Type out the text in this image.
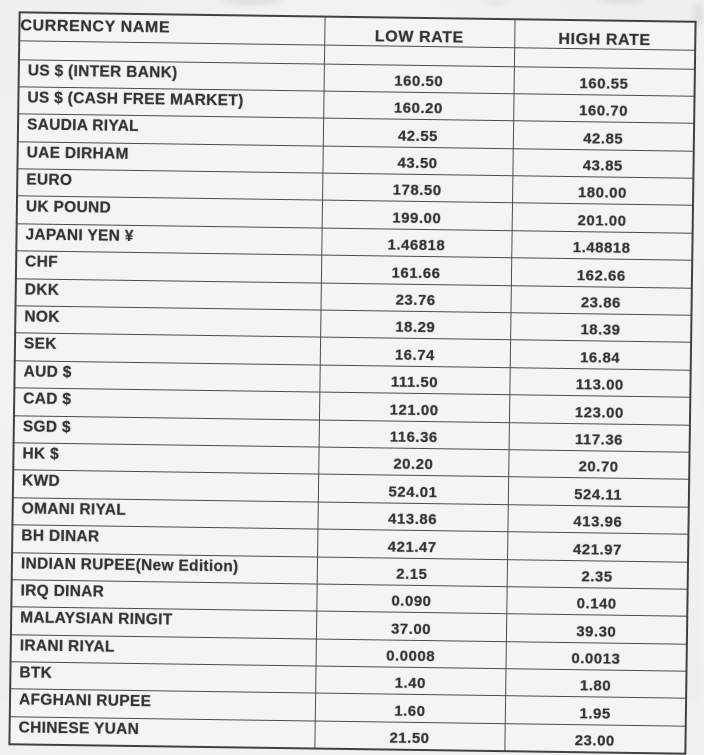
CURRENCY NAME	LOW RATE	HIGH RATE

US $ (INTER BANK)	160.50	160.55
US $ (CASH FREE MARKET)	160.20	160.70
SAUDIA RIYAL	42.55	42.85
UAE DIRHAM	43.50	43.85
EURO	178.50	180.00
UK POUND	199.00	201.00
JAPANI YEN ¥	1.46818	1.48818
CHF	161.66	162.66
DKK	23.76	23.86
NOK	18.29	18.39
SEK	16.74	16.84
AUD $	111.50	113.00
CAD $	121.00	123.00
SGD $	116.36	117.36
HK $	20.20	20.70
KWD	524.01	524.11
OMANI RIYAL	413.86	413.96
BH DINAR	421.47	421.97
INDIAN RUPEE(New Edition)	2.15	2.35
IRQ DINAR	0.090	0.140
MALAYSIAN RINGIT	37.00	39.30
IRANI RIYAL	0.0008	0.0013
BTK	1.40	1.80
AFGHANI RUPEE	1.60	1.95
CHINESE YUAN	21.50	23.00
